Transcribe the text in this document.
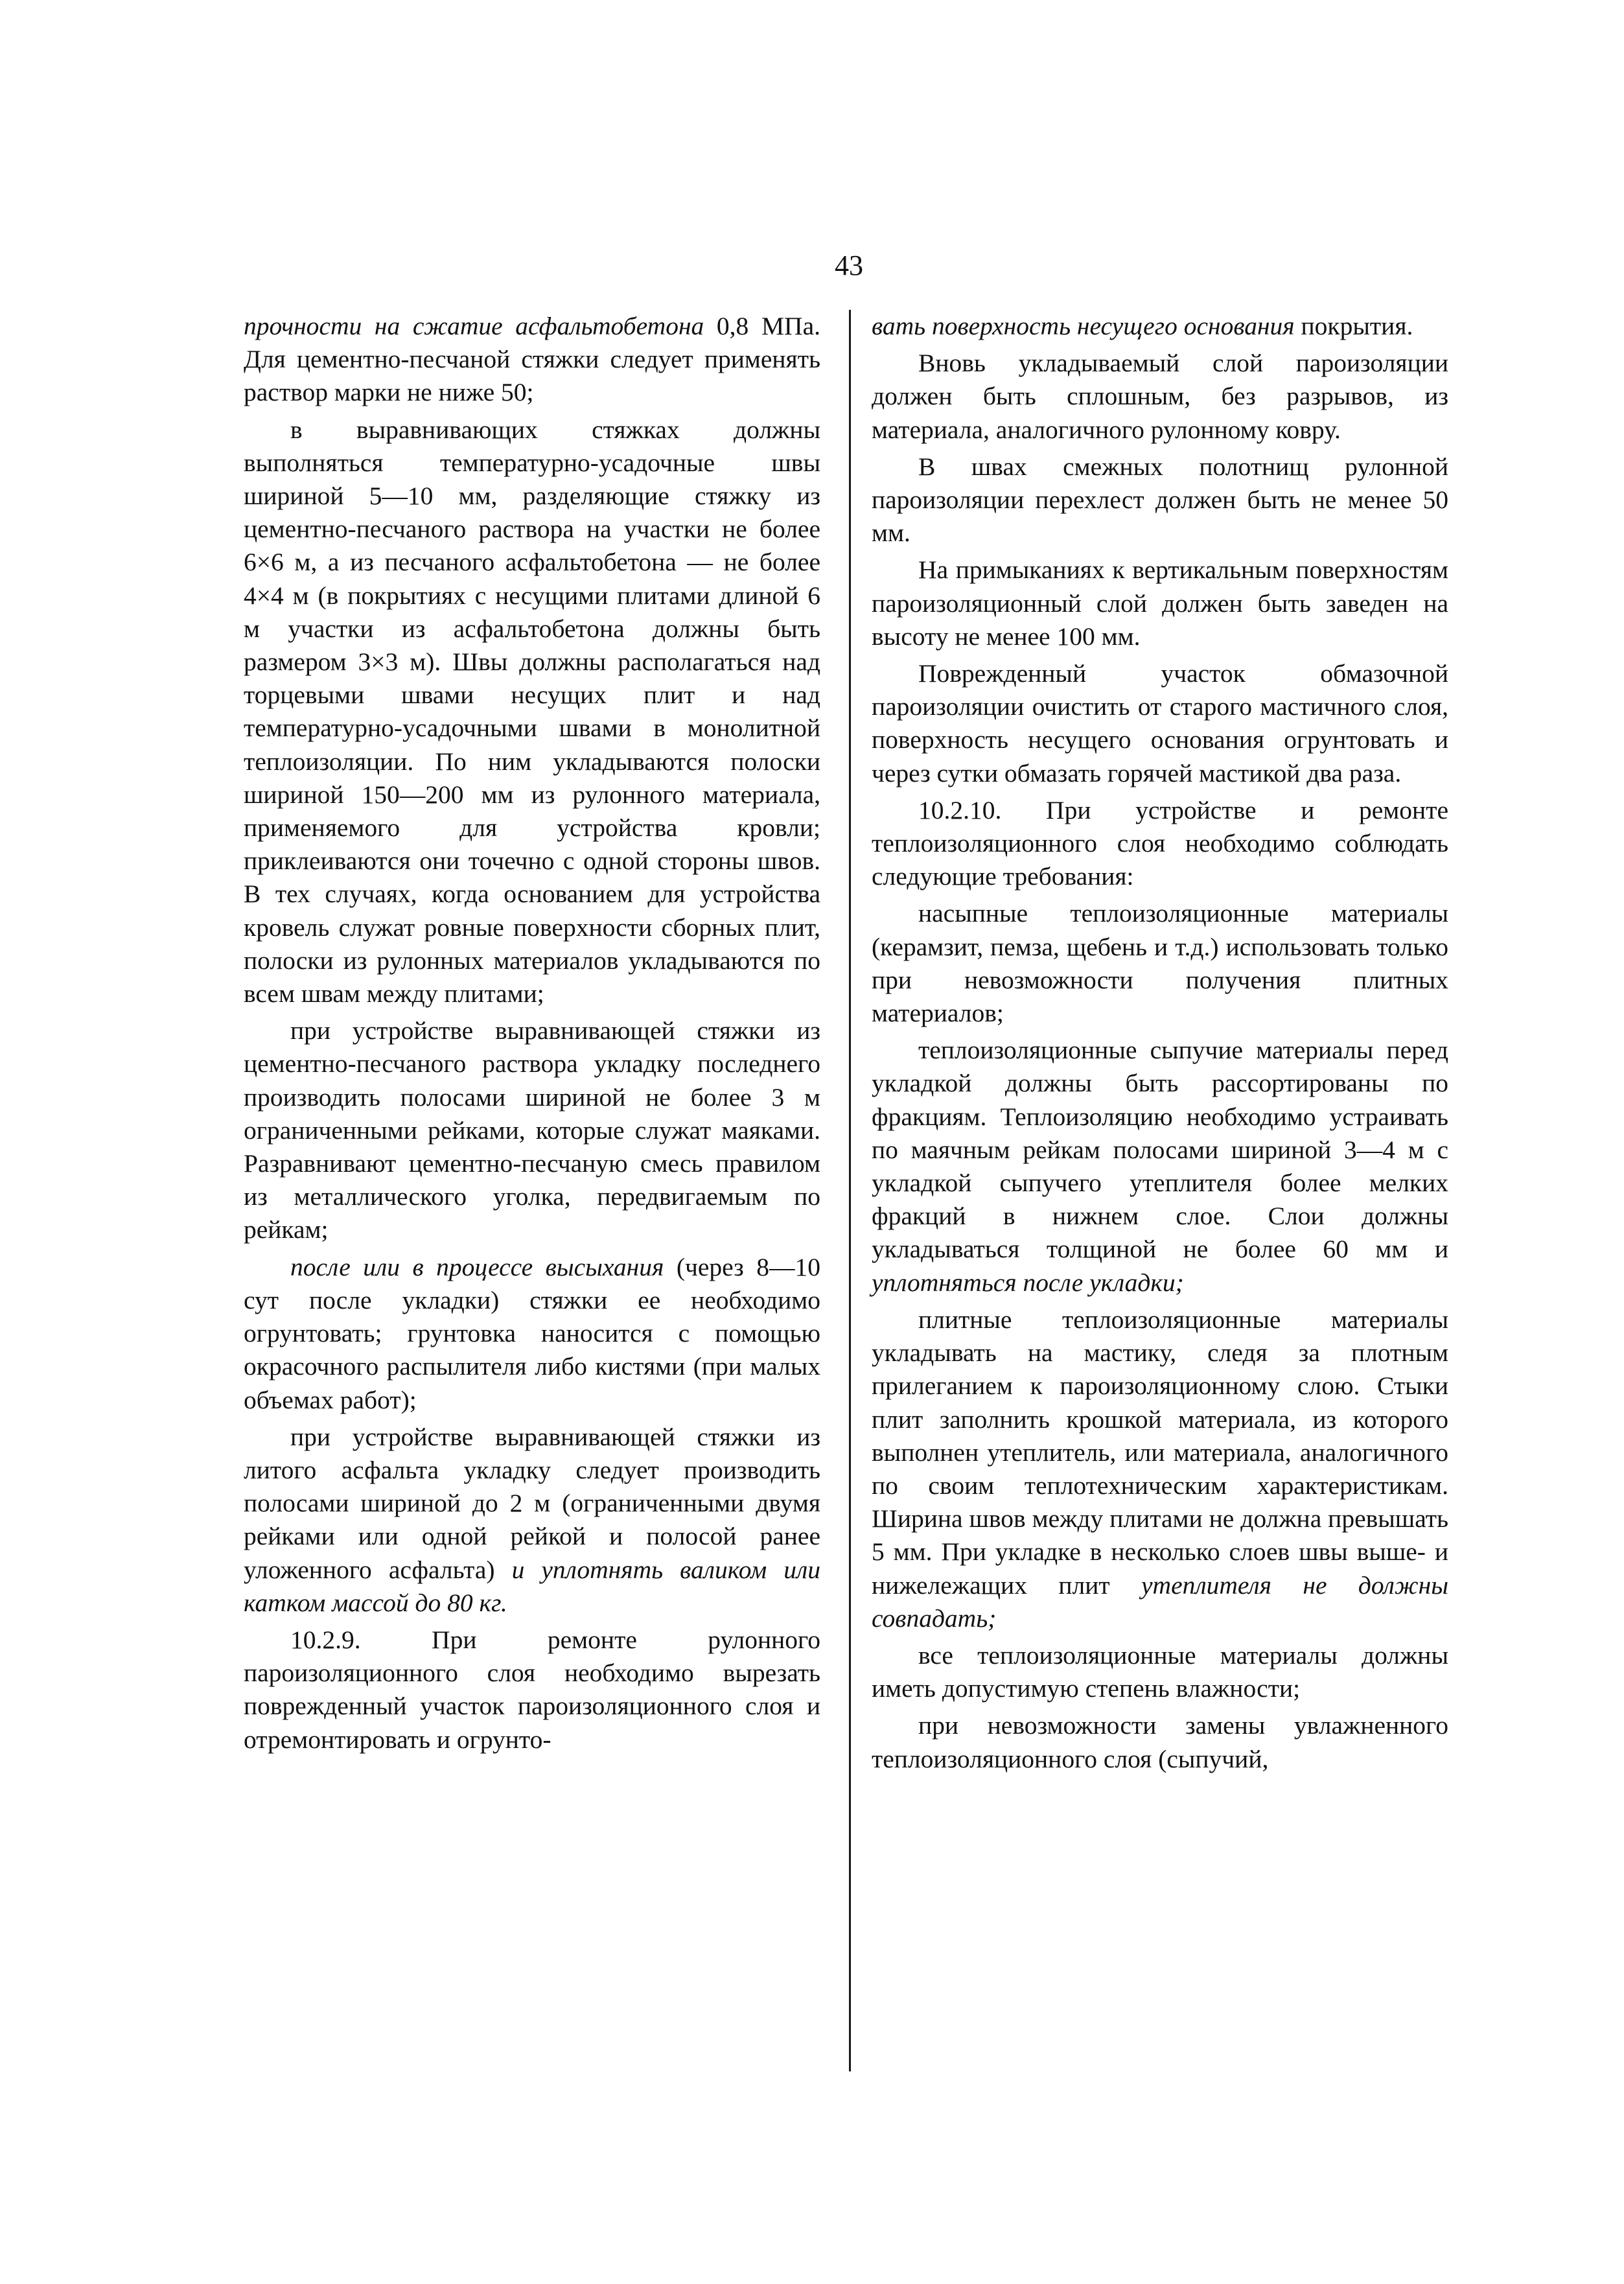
43

прочности на сжатие асфальтобетона 0,8 МПа. Для цементно-песчаной стяжки следует применять раствор марки не ниже 50;

в выравнивающих стяжках должны выполняться температурно-усадочные швы шириной 5—10 мм, разделяющие стяжку из цементно-песчаного раствора на участки не более 6×6 м, а из песчаного асфальтобетона — не более 4×4 м (в покрытиях с несущими плитами длиной 6 м участки из асфальтобетона должны быть размером 3×3 м). Швы должны располагаться над торцевыми швами несущих плит и над температурно-усадочными швами в монолитной теплоизоляции. По ним укладываются полоски шириной 150—200 мм из рулонного материала, применяемого для устройства кровли; приклеиваются они точечно с одной стороны швов. В тех случаях, когда основанием для устройства кровель служат ровные поверхности сборных плит, полоски из рулонных материалов укладываются по всем швам между плитами;

при устройстве выравнивающей стяжки из цементно-песчаного раствора укладку последнего производить полосами шириной не более 3 м ограниченными рейками, которые служат маяками. Разравнивают цементно-песчаную смесь правилом из металлического уголка, передвигаемым по рейкам;

после или в процессе высыхания (через 8—10 сут после укладки) стяжки ее необходимо огрунтовать; грунтовка наносится с помощью окрасочного распылителя либо кистями (при малых объемах работ);

при устройстве выравнивающей стяжки из литого асфальта укладку следует производить полосами шириной до 2 м (ограниченными двумя рейками или одной рейкой и полосой ранее уложенного асфальта) и уплотнять валиком или катком массой до 80 кг.

10.2.9. При ремонте рулонного пароизоляционного слоя необходимо вырезать поврежденный участок пароизоляционного слоя и отремонтировать и огрунто-

вать поверхность несущего основания покрытия.

Вновь укладываемый слой пароизоляции должен быть сплошным, без разрывов, из материала, аналогичного рулонному ковру.

В швах смежных полотнищ рулонной пароизоляции перехлест должен быть не менее 50 мм.

На примыканиях к вертикальным поверхностям пароизоляционный слой должен быть заведен на высоту не менее 100 мм.

Поврежденный участок обмазочной пароизоляции очистить от старого мастичного слоя, поверхность несущего основания огрунтовать и через сутки обмазать горячей мастикой два раза.

10.2.10. При устройстве и ремонте теплоизоляционного слоя необходимо соблюдать следующие требования:

насыпные теплоизоляционные материалы (керамзит, пемза, щебень и т.д.) использовать только при невозможности получения плитных материалов;

теплоизоляционные сыпучие материалы перед укладкой должны быть рассортированы по фракциям. Теплоизоляцию необходимо устраивать по маячным рейкам полосами шириной 3—4 м с укладкой сыпучего утеплителя более мелких фракций в нижнем слое. Слои должны укладываться толщиной не более 60 мм и уплотняться после укладки;

плитные теплоизоляционные материалы укладывать на мастику, следя за плотным прилеганием к пароизоляционному слою. Стыки плит заполнить крошкой материала, из которого выполнен утеплитель, или материала, аналогичного по своим теплотехническим характеристикам. Ширина швов между плитами не должна превышать 5 мм. При укладке в несколько слоев швы выше- и нижележащих плит утеплителя не должны совпадать;

все теплоизоляционные материалы должны иметь допустимую степень влажности;

при невозможности замены увлажненного теплоизоляционного слоя (сыпучий,
